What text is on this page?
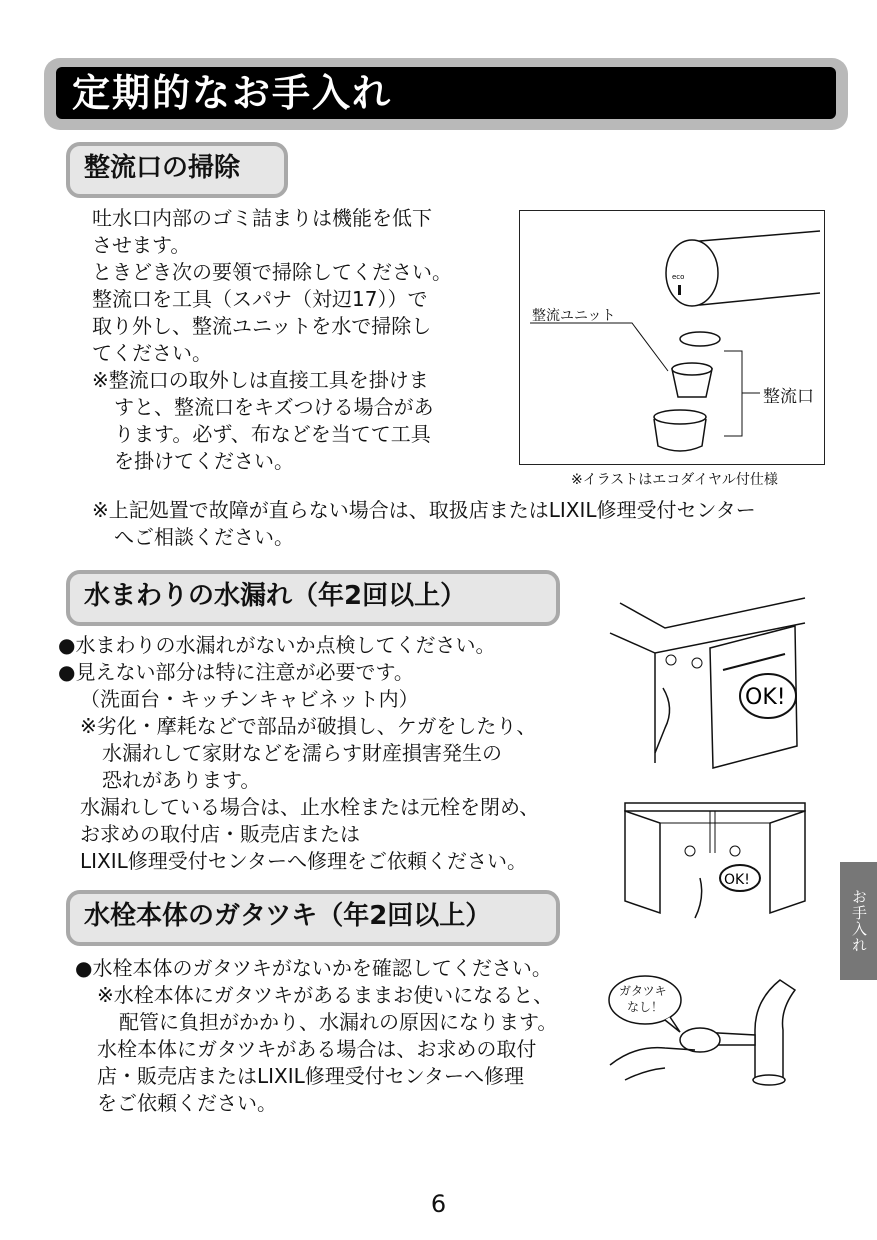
定期的なお手入れ
整流口の掃除

吐水口内部のゴミ詰まりは機能を低下

させます。

ときどき次の要領で掃除してください。

整流口を工具（スパナ（対辺17））で

取り外し、整流ユニットを水で掃除し

てください。

※整流口の取外しは直接工具を掛けま

すと、整流口をキズつける場合があ

ります。必ず、布などを当てて工具

を掛けてください。

eco
整流ユニット
整流口
※イラストはエコダイヤル付仕様

※上記処置で故障が直らない場合は、取扱店またはLIXIL修理受付センター

へご相談ください。

水まわりの水漏れ（年2回以上）

●水まわりの水漏れがないか点検してください。

●見えない部分は特に注意が必要です。

（洗面台・キッチンキャビネット内）

※劣化・摩耗などで部品が破損し、ケガをしたり、

水漏れして家財などを濡らす財産損害発生の

恐れがあります。

水漏れしている場合は、止水栓または元栓を閉め、

お求めの取付店・販売店または

LIXIL修理受付センターへ修理をご依頼ください。

OK!
OK!
水栓本体のガタツキ（年2回以上）

●水栓本体のガタツキがないかを確認してください。

※水栓本体にガタツキがあるままお使いになると、

配管に負担がかかり、水漏れの原因になります。

水栓本体にガタツキがある場合は、お求めの取付

店・販売店またはLIXIL修理受付センターへ修理

をご依頼ください。

ガタツキ
なし！
お手入れ
6
